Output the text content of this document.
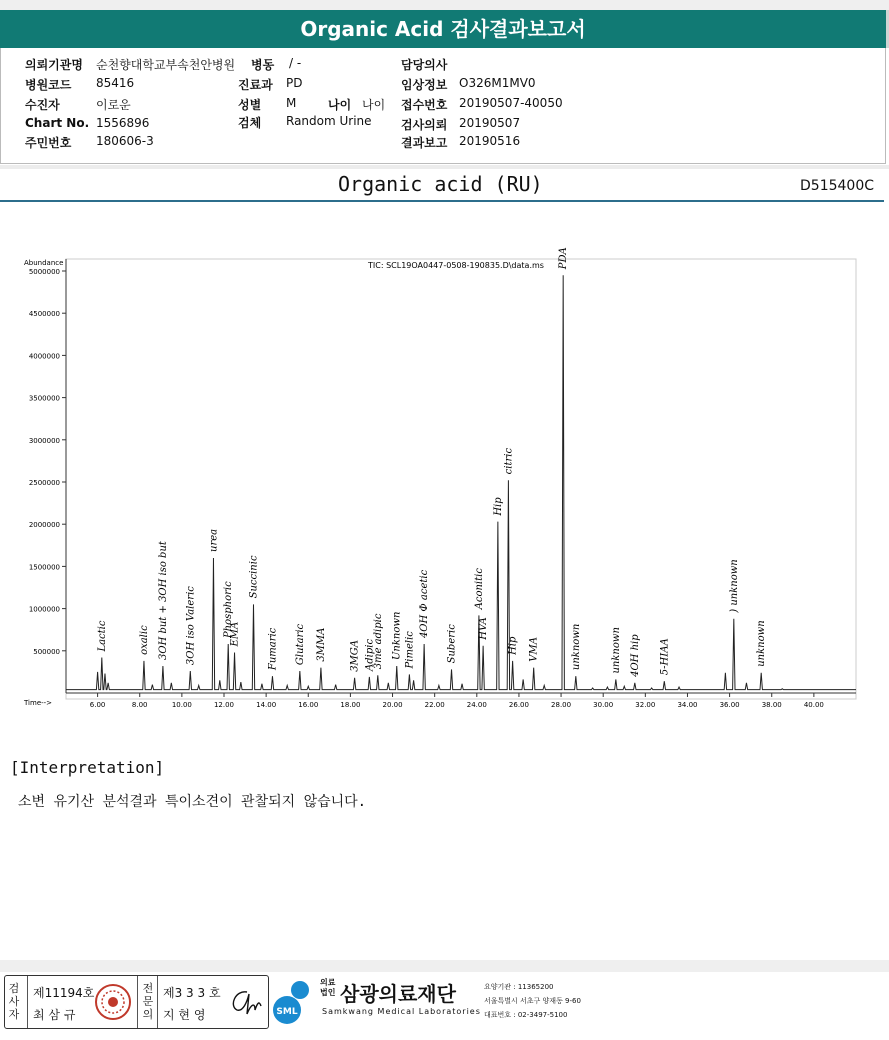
Organic Acid 검사결과보고서
의뢰기관명 순천향대학교부속천안병원 병동 / -	담당의사
병원코드 85416	진료과 PD	임상정보 O326M1MV0
수진자	이로운	성별 M	나이 나이 접수번호 20190507-40050
Chart No. 1556896	검체 Random Urine 검사의뢰 20190507
주민번호 180606-3	결과보고 20190516
Organic acid (RU)	D515400C
500000
1000000
1500000
2000000
2500000
3000000
3500000
4000000
4500000
5000000
6.00	8.00	10.00	12.00	14.00	16.00	18.00	20.00	22.00	24.00	26.00	28.00	30.00	32.00	34.00	36.00	38.00	40.00
Lactic	oxalic 3OH but + 3OH iso but 3OH iso Valeric
urea
Phosphoric
EMA
Succinic
Fumaric Glutaric 3MMA 3MGA Adipic
3me adipic Unknown Pimelic
4OH Ф acetic
Suberic
Aconitic
HVA
Hip
citric
Hip VMA
PDA
unknown	unknown 4OH hip 5-HIAA
) unknown
unknown
TIC: SCL19OA0447-0508-190835.D\data.ms
Abundance
Time-->
[Interpretation]
소변 유기산 분석결과 특이소견이 관찰되지 않습니다.
검사자
제11194호
최 삼 규
전문의
제3 3 3 호
지 현 영	SML
의료법인 삼광의료재단
Samkwang Medical Laboratories
요양기관 : 11365200
서울특별시 서초구 양재동 9-60
대표번호 : 02-3497-5100
